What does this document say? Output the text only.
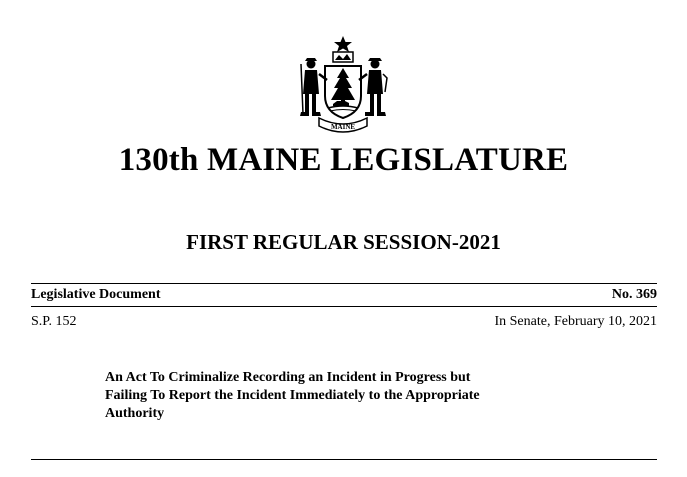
MAINE
130th MAINE LEGISLATURE
FIRST REGULAR SESSION-2021
Legislative Document	No. 369
S.P. 152	In Senate, February 10, 2021
An Act To Criminalize Recording an Incident in Progress but
Failing To Report the Incident Immediately to the Appropriate
Authority
